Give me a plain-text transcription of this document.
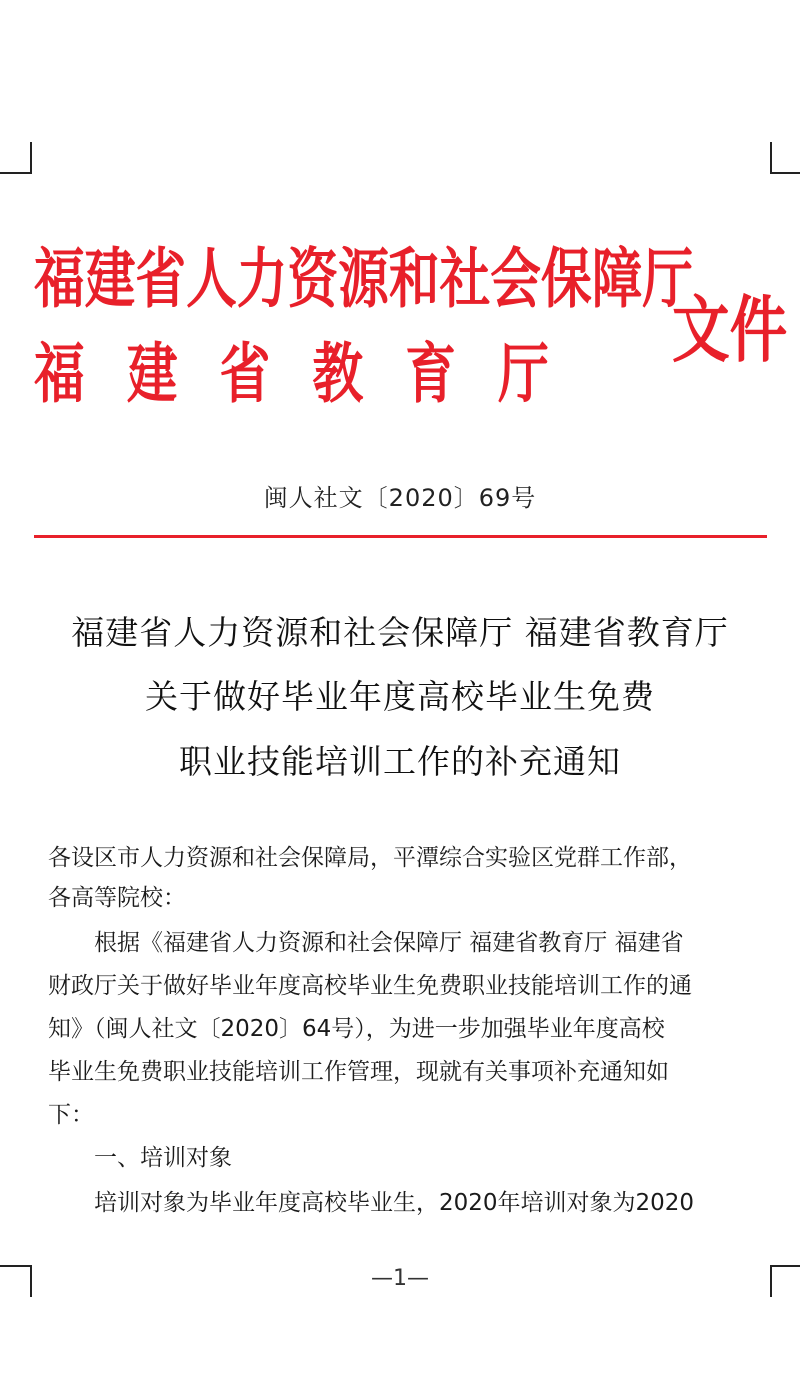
福建省人力资源和社会保障厅
福建省教育厅
文件
闽人社文〔2020〕69号
福建省人力资源和社会保障厅 福建省教育厅
关于做好毕业年度高校毕业生免费
职业技能培训工作的补充通知
各设区市人力资源和社会保障局，平潭综合实验区党群工作部，
各高等院校：
　　根据《福建省人力资源和社会保障厅 福建省教育厅 福建省
财政厅关于做好毕业年度高校毕业生免费职业技能培训工作的通
知》（闽人社文〔2020〕64号），为进一步加强毕业年度高校
毕业生免费职业技能培训工作管理，现就有关事项补充通知如
下：
　　一、培训对象
　　培训对象为毕业年度高校毕业生，2020年培训对象为2020
—1—
